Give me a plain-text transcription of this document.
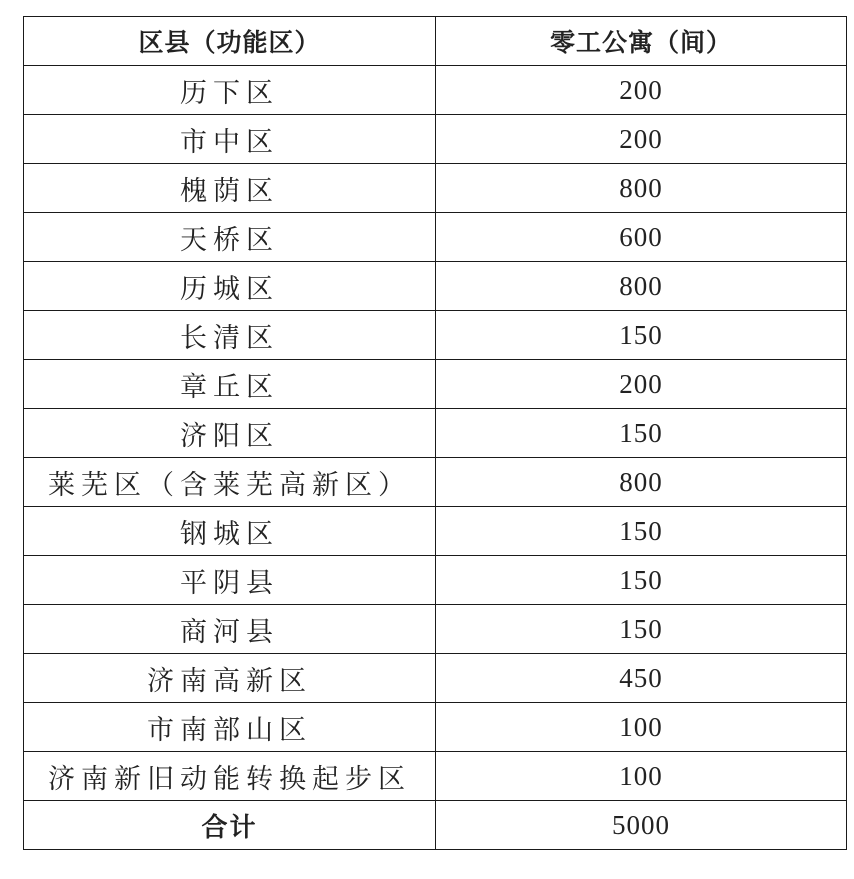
区县（功能区）	零工公寓（间）
历下区	200
市中区	200
槐荫区	800
天桥区	600
历城区	800
长清区	150
章丘区	200
济阳区	150
莱芜区（含莱芜高新区）	800
钢城区	150
平阴县	150
商河县	150
济南高新区	450
市南部山区	100
济南新旧动能转换起步区	100
合计	5000
